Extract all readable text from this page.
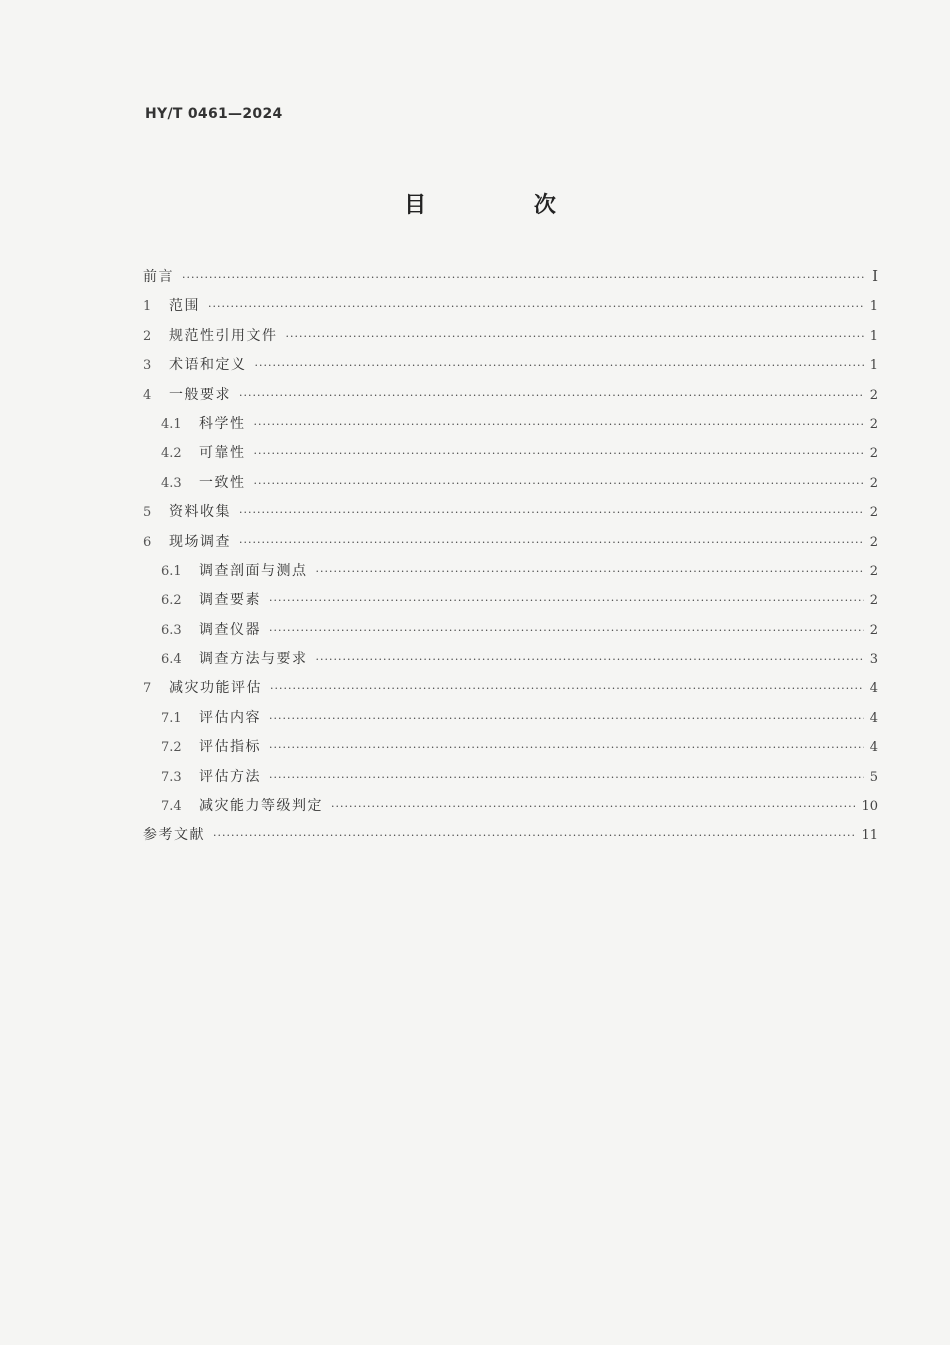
HY/T 0461—2024
目 次
前言 ·····	I
1	范围 ·····	1
2	规范性引用文件 ·····	1
3	术语和定义 ·····	1
4	一般要求 ·····	2
4.1	科学性 ·····	2
4.2	可靠性 ·····	2
4.3	一致性 ·····	2
5	资料收集 ·····	2
6	现场调查 ·····	2
6.1	调查剖面与测点 ·····	2
6.2	调查要素 ·····	2
6.3	调查仪器 ·····	2
6.4	调查方法与要求 ·····	3
7	减灾功能评估 ·····	4
7.1	评估内容 ·····	4
7.2	评估指标 ·····	4
7.3	评估方法 ·····	5
7.4	减灾能力等级判定 ·····	10
参考文献 ·····	11
